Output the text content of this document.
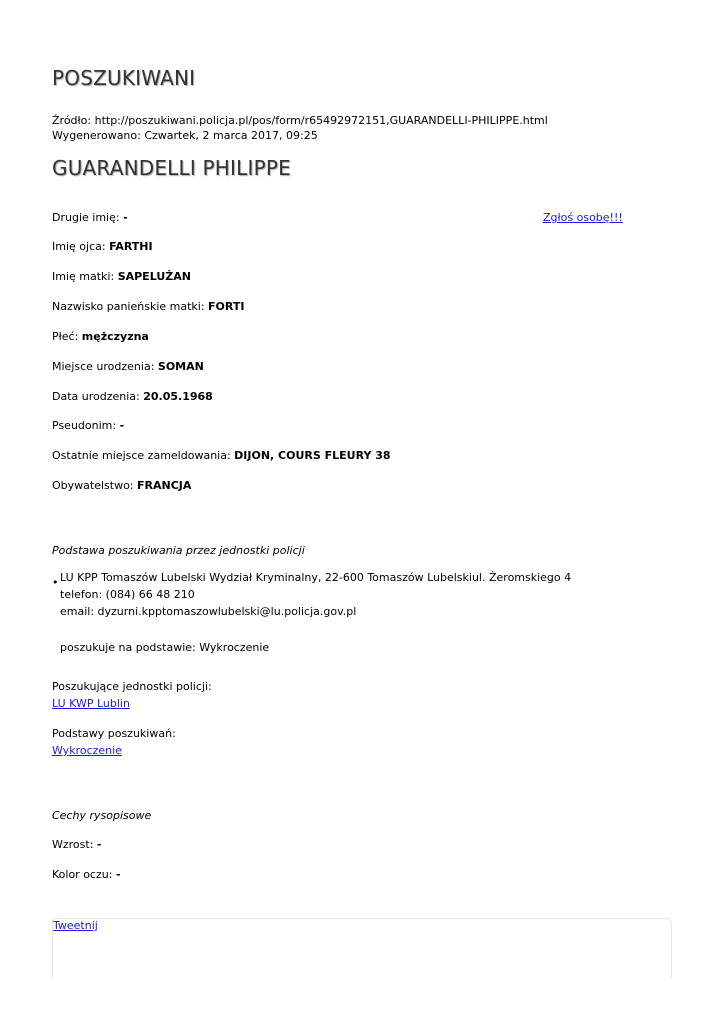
POSZUKIWANI
Źródło: http://poszukiwani.policja.pl/pos/form/r65492972151,GUARANDELLI-PHILIPPE.html
Wygenerowano: Czwartek, 2 marca 2017, 09:25
GUARANDELLI PHILIPPE
Zgłoś osobę!!!
Drugie imię: -
Imię ojca: FARTHI
Imię matki: SAPELUŻAN
Nazwisko panieńskie matki: FORTI
Płeć: mężczyzna
Miejsce urodzenia: SOMAN
Data urodzenia: 20.05.1968
Pseudonim: -
Ostatnie miejsce zameldowania: DIJON, COURS FLEURY 38
Obywatelstwo: FRANCJA
Podstawa poszukiwania przez jednostki policji
• LU KPP Tomaszów Lubelski Wydział Kryminalny, 22-600 Tomaszów Lubelskiul. Żeromskiego 4
telefon: (084) 66 48 210
email: dyzurni.kpptomaszowlubelski@lu.policja.gov.pl
poszukuje na podstawie: Wykroczenie
Poszukujące jednostki policji:
LU KWP Lublin
Podstawy poszukiwań:
Wykroczenie
Cechy rysopisowe
Wzrost: -
Kolor oczu: -
Tweetnij
